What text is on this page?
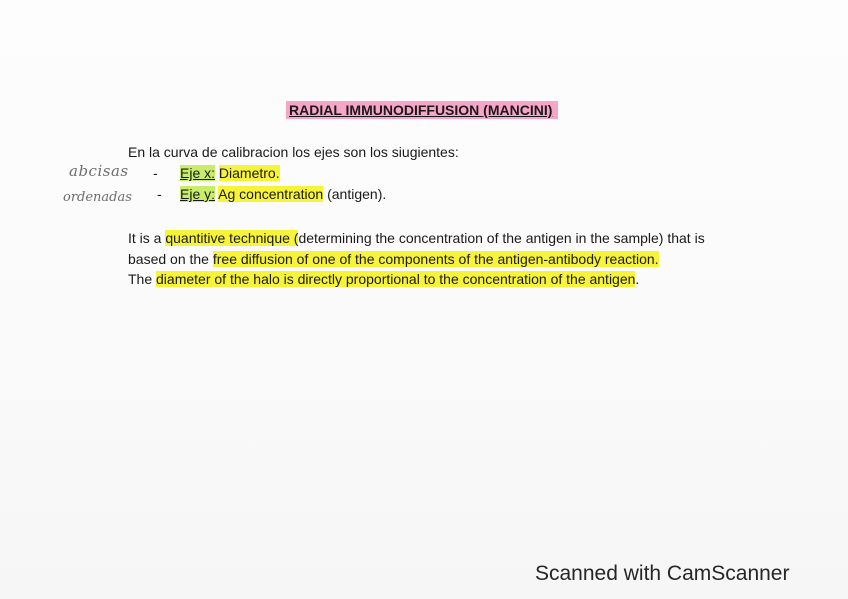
RADIAL IMMUNODIFFUSION (MANCINI)
En la curva de calibracion los ejes son los siugientes:
abcisas
ordenadas
-
-
Eje x: Diametro.
Eje y: Ag concentration (antigen).

It is a quantitive technique (determining the concentration of the antigen in the sample) that is based on the free diffusion of one of the components of the antigen-antibody reaction.

The diameter of the halo is directly proportional to the concentration of the antigen.

Scanned with CamScanner
